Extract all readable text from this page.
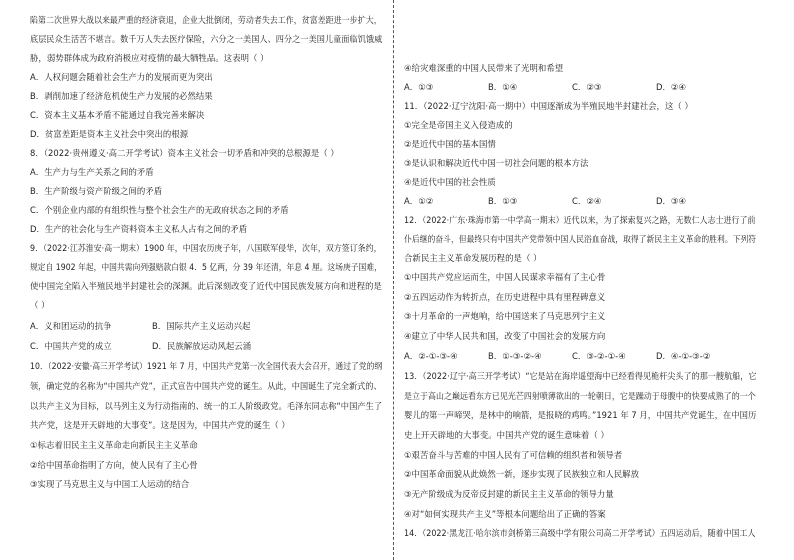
陷第二次世界大战以来最严重的经济衰退，企业大批倒闭，劳动者失去工作，贫富差距进一步扩大，
底层民众生活苦不堪言。数千万人失去医疗保险，六分之一美国人、四分之一美国儿童面临饥饿威
胁，弱势群体成为政府消极应对疫情的最大牺牲品。这表明（ ）
A．人权问题会随着社会生产力的发展而更为突出
B．剥削加速了经济危机使生产力发展的必然结果
C．资本主义基本矛盾不能通过自我完善来解决
D．贫富差距是资本主义社会中突出的根源
8．（2022·贵州遵义·高二开学考试）资本主义社会一切矛盾和冲突的总根源是（ ）
A．生产力与生产关系之间的矛盾
B．生产阶级与资产阶级之间的矛盾
C．个别企业内部的有组织性与整个社会生产的无政府状态之间的矛盾
D．生产的社会化与生产资料资本主义私人占有之间的矛盾
9．（2022·江苏淮安·高一期末）1900 年，中国农历庚子年，八国联军侵华，次年，双方签订条约，
规定自 1902 年起，中国共需向列强赔款白银 4．5 亿两，分 39 年还清，年息 4 厘。这场庚子国难，
使中国完全陷入半殖民地半封建社会的深渊。此后深刻改变了近代中国民族发展方向和进程的是
（ ）
A．义和团运动的抗争	B．国际共产主义运动兴起
C．中国共产党的成立	D．民族解放运动风起云涌
10．（2022·安徽·高三开学考试）1921 年 7 月，中国共产党第一次全国代表大会召开，通过了党的纲
领，确定党的名称为“中国共产党”，正式宣告中国共产党的诞生。从此，中国诞生了完全新式的、
以共产主义为目标，以马列主义为行动指南的、统一的工人阶级政党。毛泽东同志称“中国产生了
共产党，这是开天辟地的大事变”。这是因为，中国共产党的诞生（ ）
①标志着旧民主主义革命走向新民主主义革命
②给中国革命指明了方向，使人民有了主心骨
③实现了马克思主义与中国工人运动的结合
④给灾难深重的中国人民带来了光明和希望
A．①③	B．①④	C．②③	D．②④
11．（2022·辽宁沈阳·高一期中）中国逐渐成为半殖民地半封建社会，这（ ）
①完全是帝国主义入侵造成的
②是近代中国的基本国情
③是认识和解决近代中国一切社会问题的根本方法
④是近代中国的社会性质
A．①②	B．①③	C．②④	D．③④
12．（2022·广东·珠海市第一中学高一期末）近代以来，为了探索复兴之路，无数仁人志士进行了前
仆后继的奋斗，但最终只有中国共产党带领中国人民浴血奋战，取得了新民主主义革命的胜利。下列符
合新民主主义革命发展历程的是（ ）
①中国共产党应运而生，中国人民谋求幸福有了主心骨
②五四运动作为转折点，在历史进程中具有里程碑意义
③十月革命的一声炮响，给中国送来了马克思列宁主义
④建立了中华人民共和国，改变了中国社会的发展方向
A．②-①-③-④	B．①-③-②-④	C．③-②-①-④	D．④-①-③-②
13．（2022·辽宁·高三开学考试）“它是站在海岸遥望海中已经看得见桅杆尖头了的那一艘航船，它
是立于高山之巅远看东方已见光芒四射喷薄欲出的一轮朝日，它是躁动于母腹中的快要成熟了的一个
婴儿的第一声啼哭，是林中的响箭，是报晓的鸡鸣。”1921 年 7 月，中国共产党诞生，在中国历
史上开天辟地的大事变。中国共产党的诞生意味着（ ）
①艰苦奋斗与苦难的中国人民有了可信赖的组织者和领导者
②中国革命面貌从此焕然一新，逐步实现了民族独立和人民解放
③无产阶级成为反帝反封建的新民主主义革命的领导力量
④对“如何实现共产主义”等根本问题给出了正确的答案
14．（2022·黑龙江·哈尔滨市剑桥第三高级中学有限公司高二开学考试）五四运动后，随着中国工人
